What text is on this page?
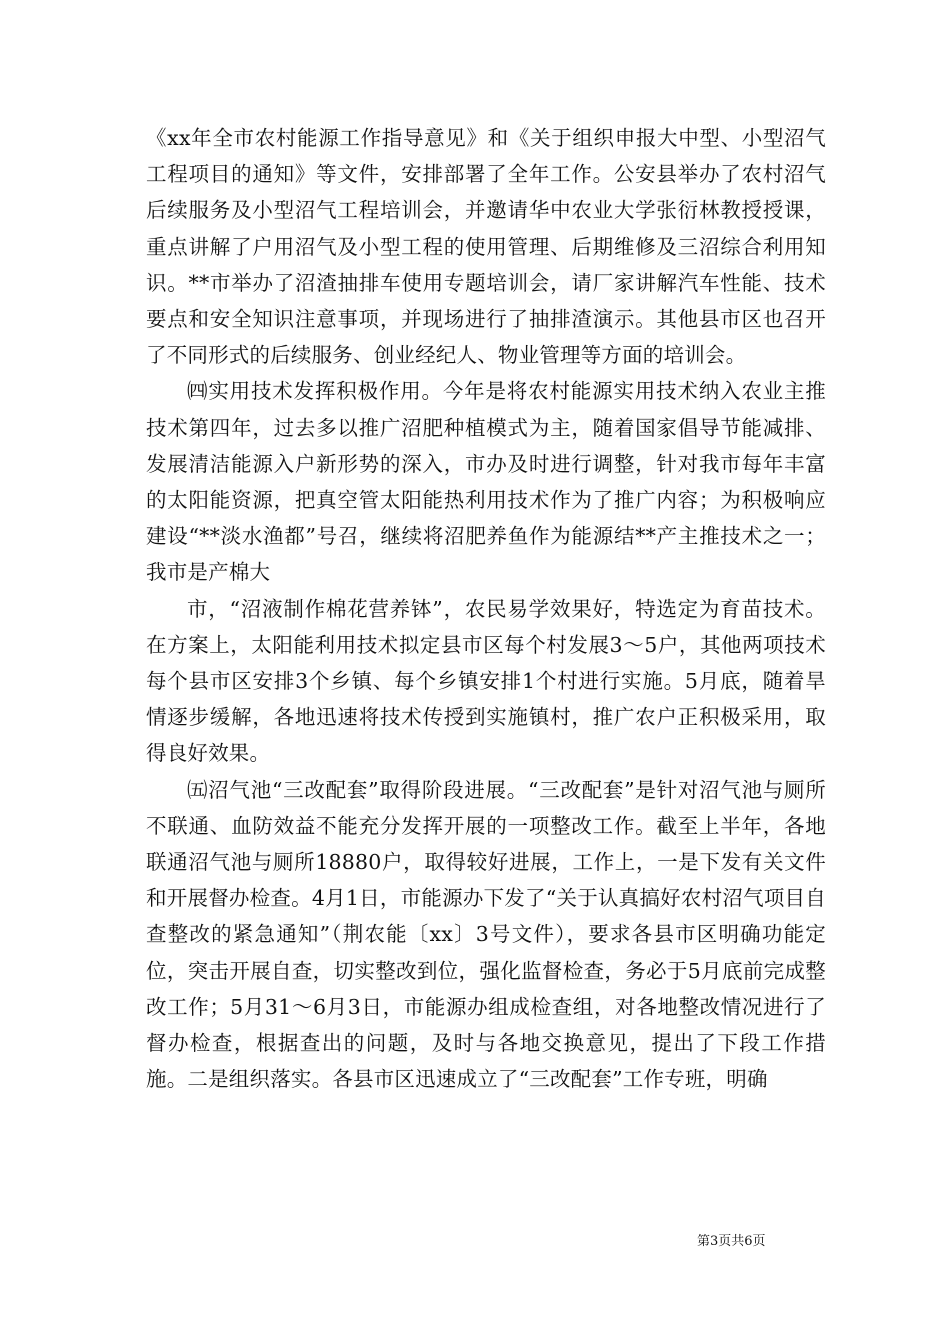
《xx年全市农村能源工作指导意见》和《关于组织申报大中型、小型沼气工程项目的通知》等文件，安排部署了全年工作。公安县举办了农村沼气后续服务及小型沼气工程培训会，并邀请华中农业大学张衍林教授授课，重点讲解了户用沼气及小型工程的使用管理、后期维修及三沼综合利用知识。**市举办了沼渣抽排车使用专题培训会，请厂家讲解汽车性能、技术要点和安全知识注意事项，并现场进行了抽排渣演示。其他县市区也召开了不同形式的后续服务、创业经纪人、物业管理等方面的培训会。

㈣实用技术发挥积极作用。今年是将农村能源实用技术纳入农业主推技术第四年，过去多以推广沼肥种植模式为主，随着国家倡导节能减排、发展清洁能源入户新形势的深入，市办及时进行调整，针对我市每年丰富的太阳能资源，把真空管太阳能热利用技术作为了推广内容；为积极响应建设“**淡水渔都”号召，继续将沼肥养鱼作为能源结**产主推技术之一；我市是产棉大

市，“沼液制作棉花营养钵”，农民易学效果好，特选定为育苗技术。在方案上，太阳能利用技术拟定县市区每个村发展3～5户，其他两项技术每个县市区安排3个乡镇、每个乡镇安排1个村进行实施。5月底，随着旱情逐步缓解，各地迅速将技术传授到实施镇村，推广农户正积极采用，取得良好效果。

㈤沼气池“三改配套”取得阶段进展。“三改配套”是针对沼气池与厕所不联通、血防效益不能充分发挥开展的一项整改工作。截至上半年，各地联通沼气池与厕所18880户，取得较好进展，工作上，一是下发有关文件和开展督办检查。4月1日，市能源办下发了“关于认真搞好农村沼气项目自查整改的紧急通知”（荆农能〔xx〕3号文件），要求各县市区明确功能定位，突击开展自查，切实整改到位，强化监督检查，务必于5月底前完成整改工作；5月31～6月3日，市能源办组成检查组，对各地整改情况进行了督办检查，根据查出的问题，及时与各地交换意见，提出了下段工作措施。二是组织落实。各县市区迅速成立了“三改配套”工作专班，明确

第3页共6页
